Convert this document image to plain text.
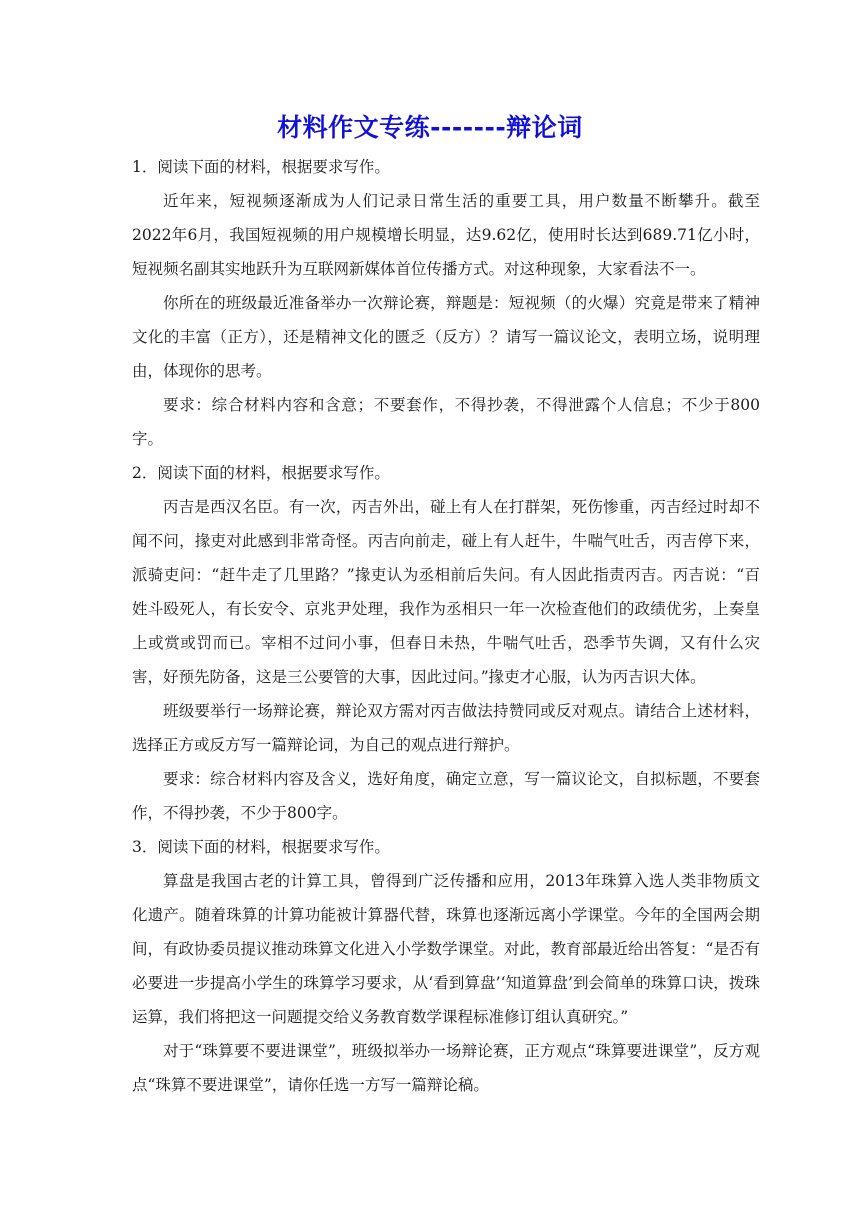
材料作文专练-------辩论词

1．阅读下面的材料，根据要求写作。

近年来，短视频逐渐成为人们记录日常生活的重要工具，用户数量不断攀升。截至2022年6月，我国短视频的用户规模增长明显，达9.62亿，使用时长达到689.71亿小时，短视频名副其实地跃升为互联网新媒体首位传播方式。对这种现象，大家看法不一。

你所在的班级最近准备举办一次辩论赛，辩题是：短视频（的火爆）究竟是带来了精神文化的丰富（正方），还是精神文化的匮乏（反方）？请写一篇议论文，表明立场，说明理由，体现你的思考。

要求：综合材料内容和含意；不要套作，不得抄袭，不得泄露个人信息；不少于800字。

2．阅读下面的材料，根据要求写作。

丙吉是西汉名臣。有一次，丙吉外出，碰上有人在打群架，死伤惨重，丙吉经过时却不闻不问，掾吏对此感到非常奇怪。丙吉向前走，碰上有人赶牛，牛喘气吐舌，丙吉停下来，派骑吏问：“赶牛走了几里路？”掾吏认为丞相前后失问。有人因此指责丙吉。丙吉说：“百姓斗殴死人，有长安令、京兆尹处理，我作为丞相只一年一次检查他们的政绩优劣，上奏皇上或赏或罚而已。宰相不过问小事，但春日未热，牛喘气吐舌，恐季节失调，又有什么灾害，好预先防备，这是三公要管的大事，因此过问。”掾吏才心服，认为丙吉识大体。

班级要举行一场辩论赛，辩论双方需对丙吉做法持赞同或反对观点。请结合上述材料，选择正方或反方写一篇辩论词，为自己的观点进行辩护。

要求：综合材料内容及含义，选好角度，确定立意，写一篇议论文，自拟标题，不要套作，不得抄袭，不少于800字。

3．阅读下面的材料，根据要求写作。

算盘是我国古老的计算工具，曾得到广泛传播和应用，2013年珠算入选人类非物质文化遗产。随着珠算的计算功能被计算器代替，珠算也逐渐远离小学课堂。今年的全国两会期间，有政协委员提议推动珠算文化进入小学数学课堂。对此，教育部最近给出答复：“是否有必要进一步提高小学生的珠算学习要求，从‘看到算盘’‘知道算盘’到会简单的珠算口诀，拨珠运算，我们将把这一问题提交给义务教育数学课程标准修订组认真研究。”

对于“珠算要不要进课堂”，班级拟举办一场辩论赛，正方观点“珠算要进课堂”，反方观点“珠算不要进课堂”，请你任选一方写一篇辩论稿。
